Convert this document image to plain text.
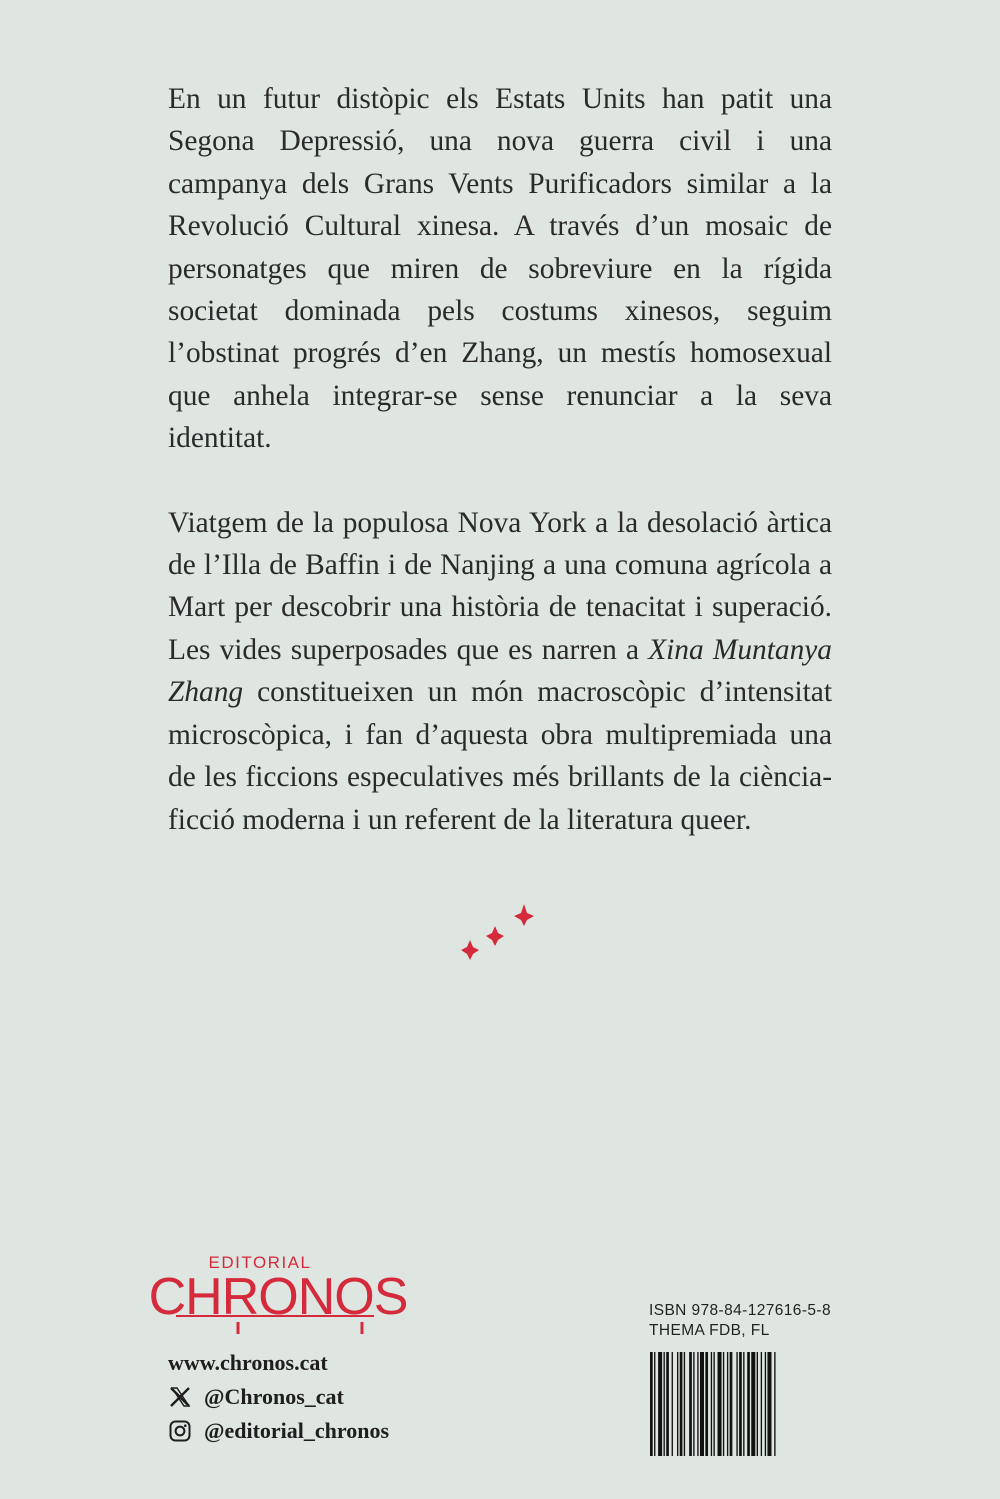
En un futur distòpic els Estats Units han patit una Segona Depressió, una nova guerra civil i una campanya dels Grans Vents Purificadors similar a la Revolució Cultural xinesa. A través d’un mosaic de personatges que miren de sobreviure en la rígida societat dominada pels costums xinesos, seguim l’obstinat progrés d’en Zhang, un mestís homosexual que anhela integrar-se sense renunciar a la seva identitat.

Viatgem de la populosa Nova York a la desolació àrtica de l’Illa de Baffin i de Nanjing a una comuna agrícola a Mart per descobrir una història de tenacitat i superació. Les vides superposades que es narren a Xina Muntanya Zhang constitueixen un món macroscòpic d’intensitat microscòpica, i fan d’aquesta obra multipremiada una de les ficcions especulatives més brillants de la ciència-ficció moderna i un referent de la literatura queer.

EDITORIAL
CHRONOS
www.chronos.cat
@Chronos_cat
@editorial_chronos
ISBN 978-84-127616-5-8
THEMA FDB, FL
